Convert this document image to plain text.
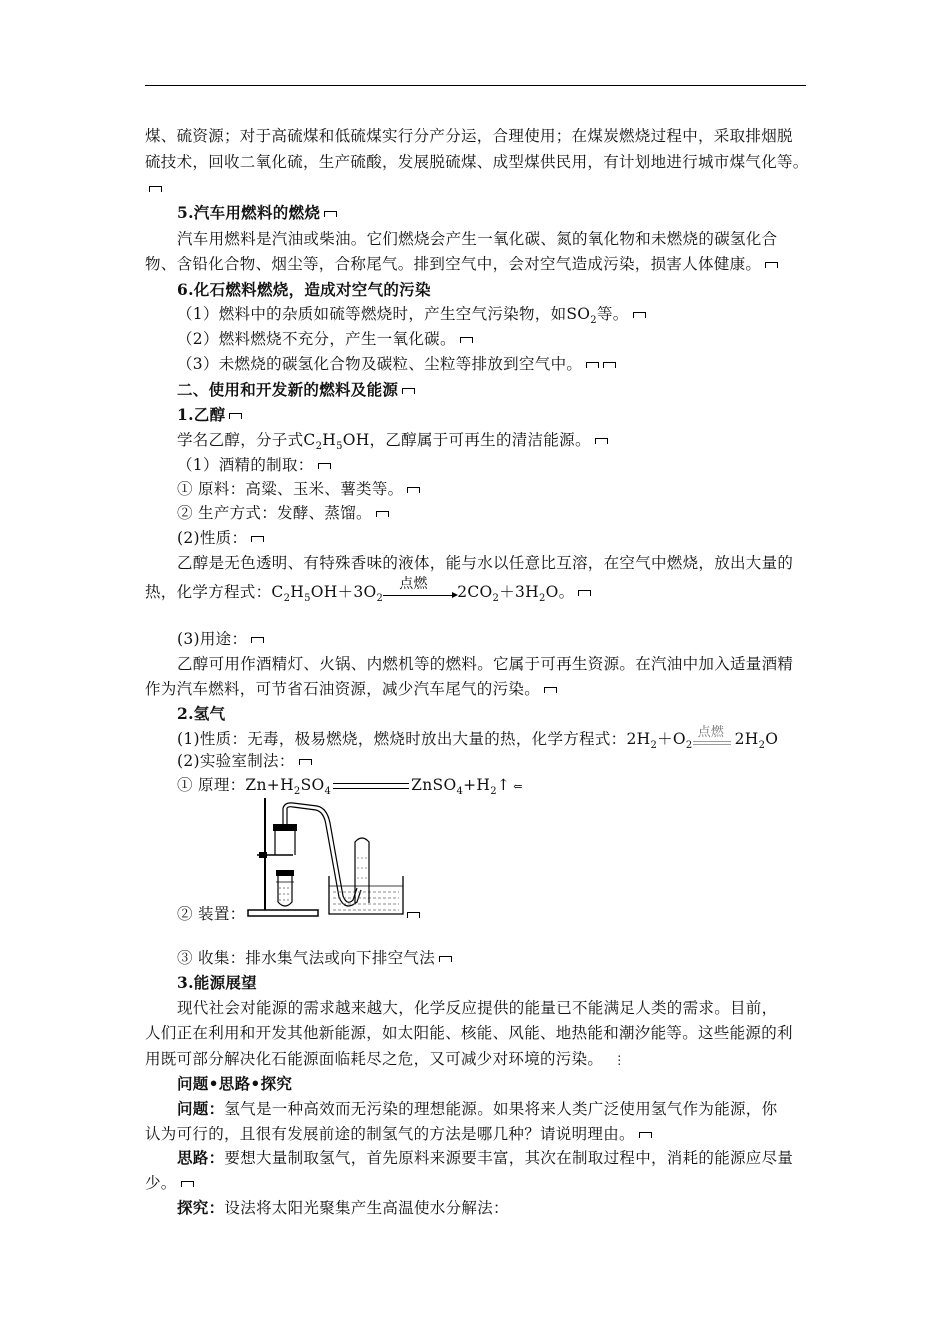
煤、硫资源；对于高硫煤和低硫煤实行分产分运，合理使用；在煤炭燃烧过程中，采取排烟脱
硫技术，回收二氧化硫，生产硫酸，发展脱硫煤、成型煤供民用，有计划地进行城市煤气化等。
5.汽车用燃料的燃烧
汽车用燃料是汽油或柴油。它们燃烧会产生一氧化碳、氮的氧化物和未燃烧的碳氢化合
物、含铅化合物、烟尘等，合称尾气。排到空气中，会对空气造成污染，损害人体健康。
6.化石燃料燃烧，造成对空气的污染
（1）燃料中的杂质如硫等燃烧时，产生空气污染物，如$SO_2$等。
（2）燃料燃烧不充分，产生一氧化碳。
（3）未燃烧的碳氢化合物及碳粒、尘粒等排放到空气中。
二、使用和开发新的燃料及能源
1.乙醇
学名乙醇，分子式$C_2H_5OH$，乙醇属于可再生的清洁能源。
（1）酒精的制取：
① 原料：高粱、玉米、薯类等。
② 生产方式：发酵、蒸馏。
(2)性质：
乙醇是无色透明、有特殊香味的液体，能与水以任意比互溶，在空气中燃烧，放出大量的
热，化学方程式：$C_2H_5OH+3O_2$
点燃 $2CO_2+3H_2O$。
(3)用途：
乙醇可用作酒精灯、火锅、内燃机等的燃料。它属于可再生资源。在汽油中加入适量酒精
作为汽车燃料，可节省石油资源，减少汽车尾气的污染。
2.氢气
(1)性质：无毒，极易燃烧，燃烧时放出大量的热，化学方程式：$2H_2+O_2$
点燃 $2H_2O$
(2)实验室制法：
① 原理：$Zn+H_2SO_4$	$ZnSO_4+H_2↑$ ⇐
② 装置：
③ 收集：排水集气法或向下排空气法
3.能源展望
现代社会对能源的需求越来越大，化学反应提供的能量已不能满足人类的需求。目前，
人们正在利用和开发其他新能源，如太阳能、核能、风能、地热能和潮汐能等。这些能源的利
用既可部分解决化石能源面临耗尽之危，又可减少对环境的污染。 ⋮
问题•思路•探究
问题：氢气是一种高效而无污染的理想能源。如果将来人类广泛使用氢气作为能源，你
认为可行的，且很有发展前途的制氢气的方法是哪几种？请说明理由。
思路：要想大量制取氢气，首先原料来源要丰富，其次在制取过程中，消耗的能源应尽量
少。
探究：设法将太阳光聚集产生高温使水分解法：
